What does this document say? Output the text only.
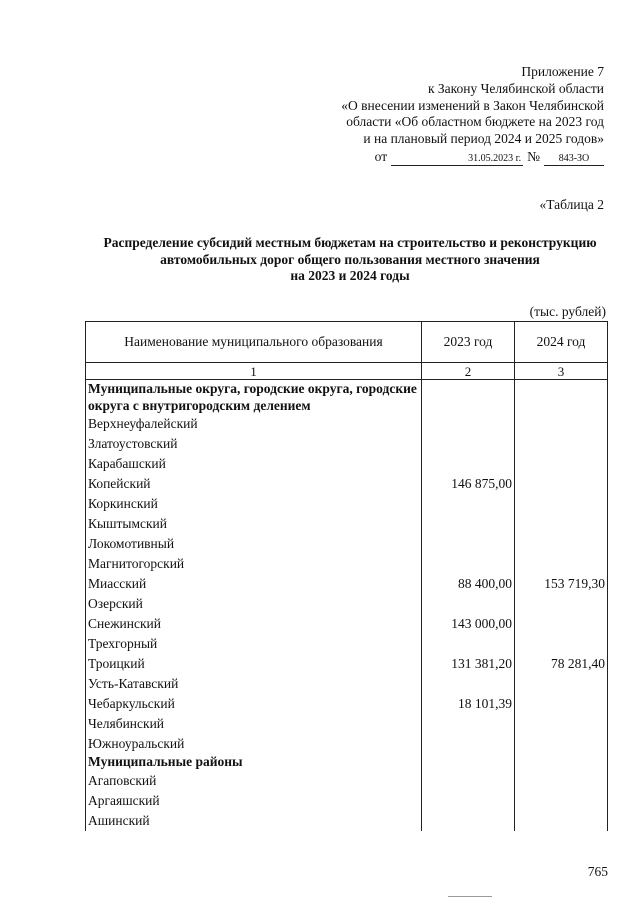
Приложение 7
к Закону Челябинской области
«О внесении изменений в Закон Челябинской
области «Об областном бюджете на 2023 год
и на плановый период 2024 и 2025 годов»
от	31.05.2023 г. №	843-ЗО
«Таблица 2
Распределение субсидий местным бюджетам на строительство и реконструкцию
автомобильных дорог общего пользования местного значения
на 2023 и 2024 годы
(тыс. рублей)
Наименование муниципального образования	2023 год	2024 год
1	2	3
Муниципальные округа, городские округа, городские округа с внутригородским делением		
Верхнеуфалейский		
Златоустовский		
Карабашский		
Копейский	146 875,00	
Коркинский		
Кыштымский		
Локомотивный		
Магнитогорский		
Миасский	88 400,00	153 719,30
Озерский		
Снежинский	143 000,00	
Трехгорный		
Троицкий	131 381,20	78 281,40
Усть-Катавский		
Чебаркульский	18 101,39	
Челябинский		
Южноуральский		
Муниципальные районы		
Агаповский		
Аргаяшский		
Ашинский		
765
